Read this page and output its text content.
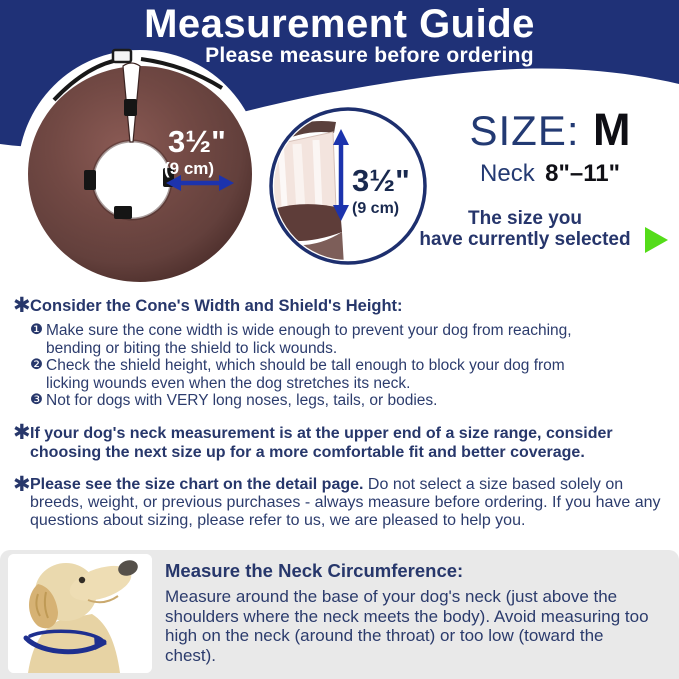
3½"
(9 cm)	3½"
(9 cm)
Measurement Guide
Please measure before ordering
SIZE: M
Neck 8"–11"
The size you
have currently selected
✱ Consider the Cone's Width and Shield's Height:
❶ Make sure the cone width is wide enough to prevent your dog from reaching, bending or biting the shield to lick wounds.
❷ Check the shield height, which should be tall enough to block your dog from licking wounds even when the dog stretches its neck.
❸ Not for dogs with VERY long noses, legs, tails, or bodies.
✱ If your dog's neck measurement is at the upper end of a size range, consider choosing the next size up for a more comfortable fit and better coverage.
✱ Please see the size chart on the detail page. Do not select a size based solely on breeds, weight, or previous purchases - always measure before ordering. If you have any questions about sizing, please refer to us, we are pleased to help you.
Measure the Neck Circumference:
Measure around the base of your dog's neck (just above the shoulders where the neck meets the body). Avoid measuring too high on the neck (around the throat) or too low (toward the chest).
